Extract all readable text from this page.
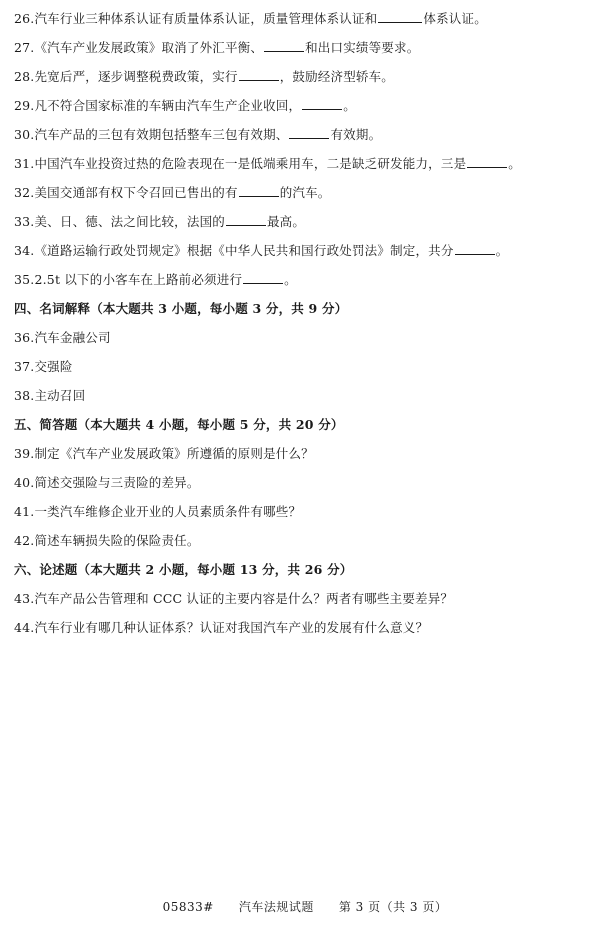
26.汽车行业三种体系认证有质量体系认证，质量管理体系认证和	体系认证。
27.《汽车产业发展政策》取消了外汇平衡、	和出口实绩等要求。
28.先宽后严，逐步调整税费政策，实行	，鼓励经济型轿车。
29.凡不符合国家标准的车辆由汽车生产企业收回，	。
30.汽车产品的三包有效期包括整车三包有效期、	有效期。
31.中国汽车业投资过热的危险表现在一是低端乘用车，二是缺乏研发能力，三是	。
32.美国交通部有权下令召回已售出的有	的汽车。
33.美、日、德、法之间比较，法国的	最高。
34.《道路运输行政处罚规定》根据《中华人民共和国行政处罚法》制定，共分	。
35.2.5t 以下的小客车在上路前必须进行	。
四、名词解释（本大题共 3 小题，每小题 3 分，共 9 分）
36.汽车金融公司
37.交强险
38.主动召回
五、简答题（本大题共 4 小题，每小题 5 分，共 20 分）
39.制定《汽车产业发展政策》所遵循的原则是什么？
40.简述交强险与三责险的差异。
41.一类汽车维修企业开业的人员素质条件有哪些？
42.简述车辆损失险的保险责任。
六、论述题（本大题共 2 小题，每小题 13 分，共 26 分）
43.汽车产品公告管理和 CCC 认证的主要内容是什么？两者有哪些主要差异？
44.汽车行业有哪几种认证体系？认证对我国汽车产业的发展有什么意义？
05833#　　汽车法规试题　　第 3 页（共 3 页）
